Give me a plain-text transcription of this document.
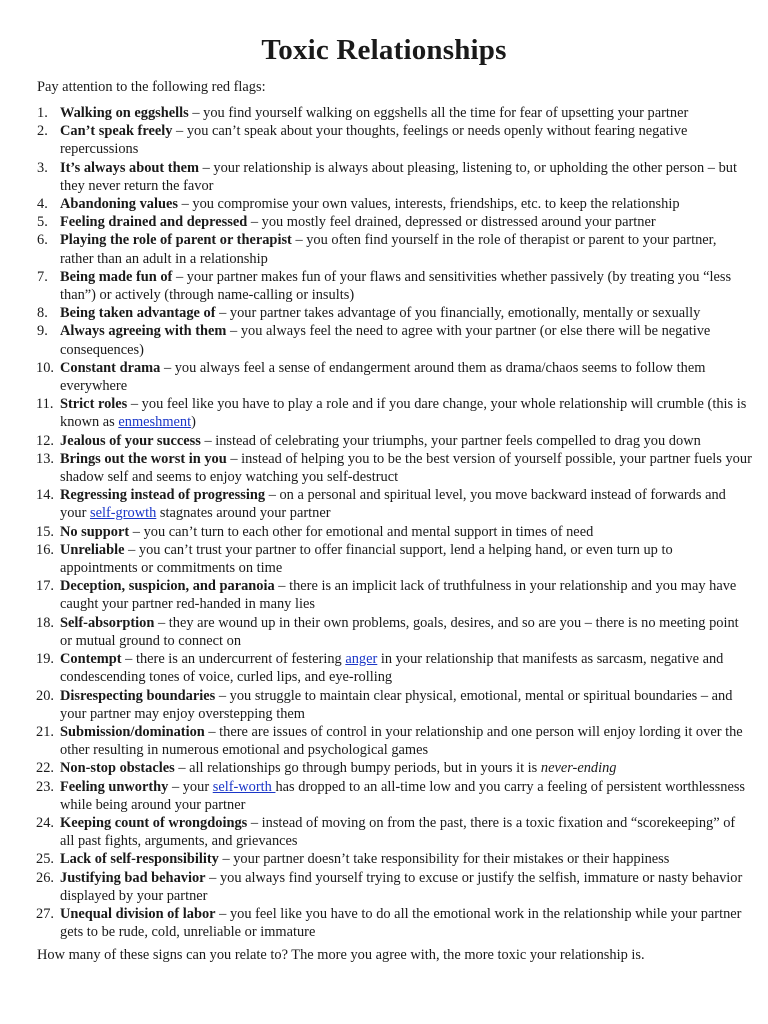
Toxic Relationships

Pay attention to the following red flags:

1. Walking on eggshells – you find yourself walking on eggshells all the time for fear of upsetting your partner
2. Can’t speak freely – you can’t speak about your thoughts, feelings or needs openly without fearing negative repercussions
3. It’s always about them – your relationship is always about pleasing, listening to, or upholding the other person – but they never return the favor
4. Abandoning values – you compromise your own values, interests, friendships, etc. to keep the relationship
5. Feeling drained and depressed – you mostly feel drained, depressed or distressed around your partner
6. Playing the role of parent or therapist – you often find yourself in the role of therapist or parent to your partner, rather than an adult in a relationship
7. Being made fun of – your partner makes fun of your flaws and sensitivities whether passively (by treating you “less than”) or actively (through name-calling or insults)
8. Being taken advantage of – your partner takes advantage of you financially, emotionally, mentally or sexually
9. Always agreeing with them – you always feel the need to agree with your partner (or else there will be negative consequences)
10. Constant drama – you always feel a sense of endangerment around them as drama/chaos seems to follow them everywhere
11. Strict roles – you feel like you have to play a role and if you dare change, your whole relationship will crumble (this is known as enmeshment)
12. Jealous of your success – instead of celebrating your triumphs, your partner feels compelled to drag you down
13. Brings out the worst in you – instead of helping you to be the best version of yourself possible, your partner fuels your shadow self and seems to enjoy watching you self-destruct
14. Regressing instead of progressing – on a personal and spiritual level, you move backward instead of forwards and your self-growth stagnates around your partner
15. No support – you can’t turn to each other for emotional and mental support in times of need
16. Unreliable – you can’t trust your partner to offer financial support, lend a helping hand, or even turn up to appointments or commitments on time
17. Deception, suspicion, and paranoia – there is an implicit lack of truthfulness in your relationship and you may have caught your partner red-handed in many lies
18. Self-absorption – they are wound up in their own problems, goals, desires, and so are you – there is no meeting point or mutual ground to connect on
19. Contempt – there is an undercurrent of festering anger in your relationship that manifests as sarcasm, negative and condescending tones of voice, curled lips, and eye-rolling
20. Disrespecting boundaries – you struggle to maintain clear physical, emotional, mental or spiritual boundaries – and your partner may enjoy overstepping them
21. Submission/domination – there are issues of control in your relationship and one person will enjoy lording it over the other resulting in numerous emotional and psychological games
22. Non-stop obstacles – all relationships go through bumpy periods, but in yours it is never-ending
23. Feeling unworthy – your self-worth has dropped to an all-time low and you carry a feeling of persistent worthlessness while being around your partner
24. Keeping count of wrongdoings – instead of moving on from the past, there is a toxic fixation and “scorekeeping” of all past fights, arguments, and grievances
25. Lack of self-responsibility – your partner doesn’t take responsibility for their mistakes or their happiness
26. Justifying bad behavior – you always find yourself trying to excuse or justify the selfish, immature or nasty behavior displayed by your partner
27. Unequal division of labor – you feel like you have to do all the emotional work in the relationship while your partner gets to be rude, cold, unreliable or immature

How many of these signs can you relate to? The more you agree with, the more toxic your relationship is.
